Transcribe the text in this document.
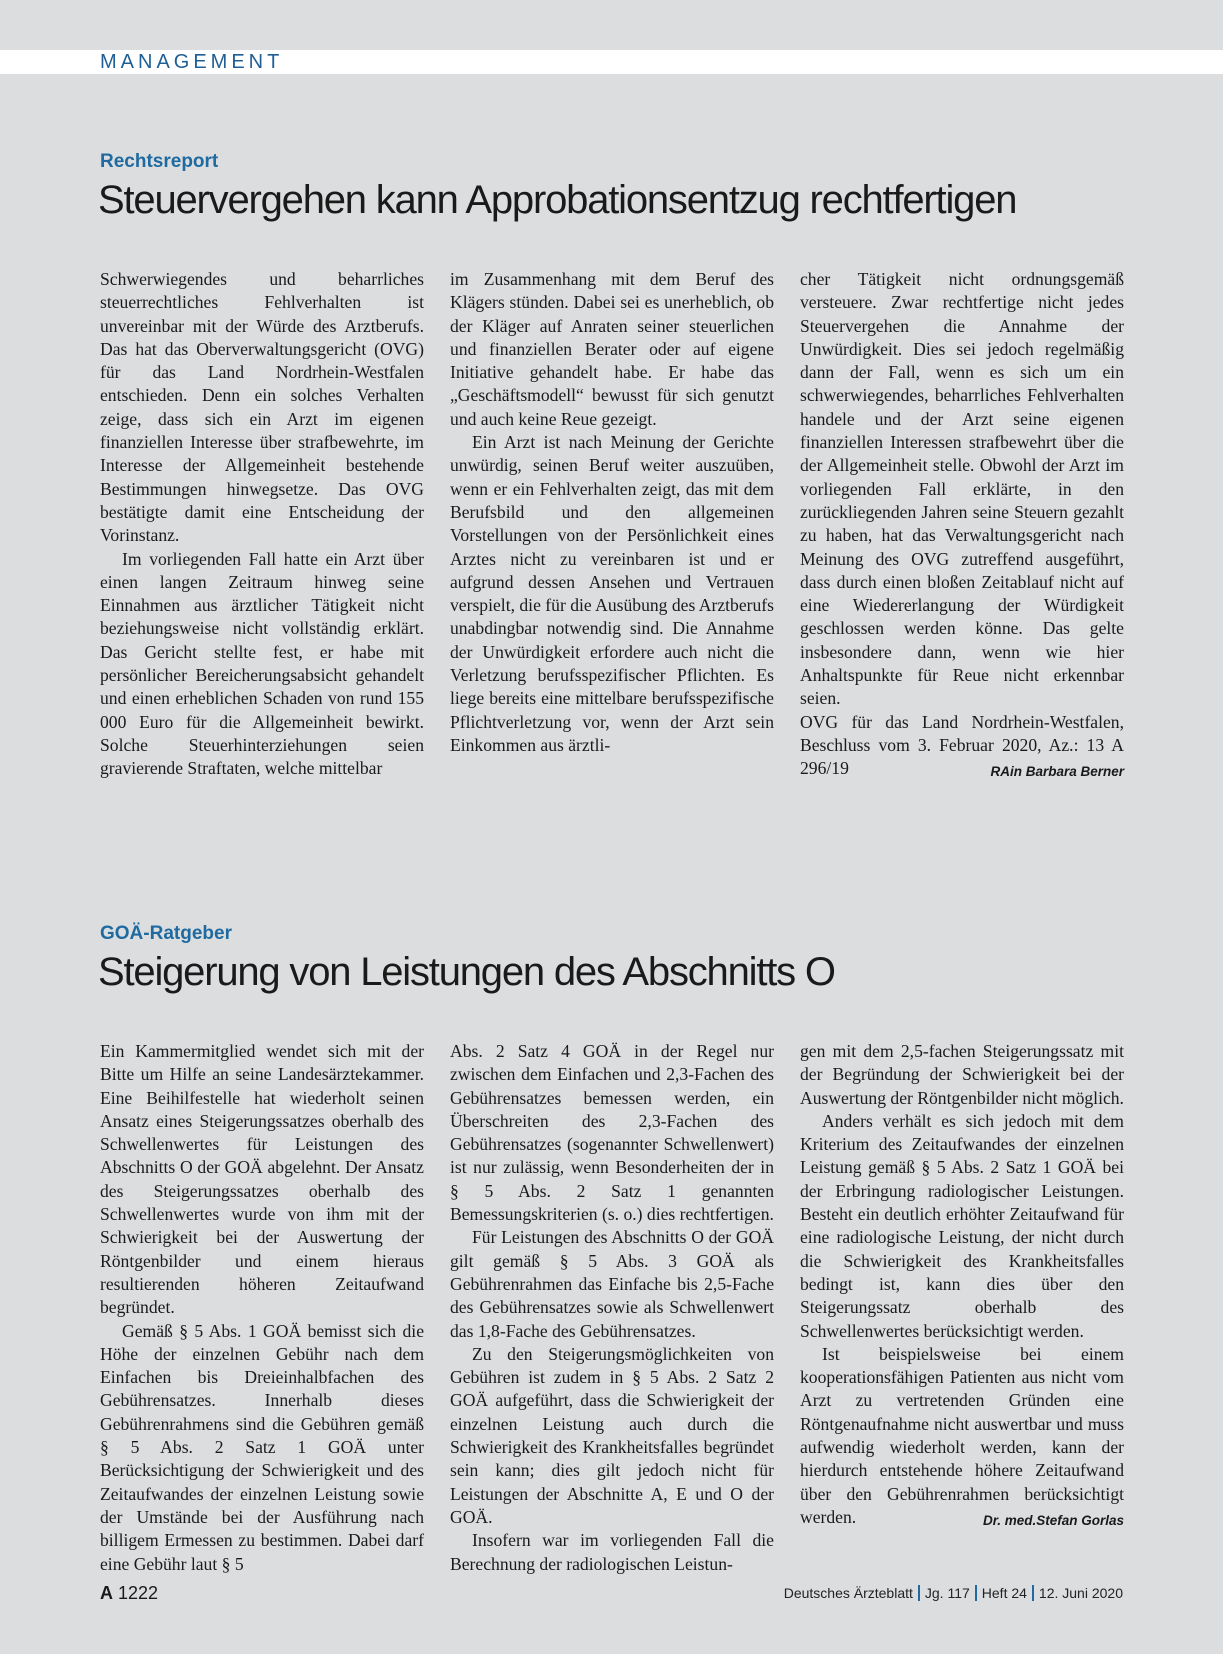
MANAGEMENT
Rechtsreport
Steuervergehen kann Approbationsentzug rechtfertigen

Schwerwiegendes und beharrliches steuerrechtliches Fehlverhalten ist unvereinbar mit der Würde des Arztberufs. Das hat das Oberverwaltungsgericht (OVG) für das Land Nordrhein-Westfalen entschieden. Denn ein solches Verhalten zeige, dass sich ein Arzt im eigenen finanziellen Interesse über strafbewehrte, im Interesse der Allgemeinheit bestehende Bestimmungen hinwegsetze. Das OVG bestätigte damit eine Entscheidung der Vorinstanz.

Im vorliegenden Fall hatte ein Arzt über einen langen Zeitraum hinweg seine Einnahmen aus ärztlicher Tätigkeit nicht beziehungsweise nicht vollständig erklärt. Das Gericht stellte fest, er habe mit persönlicher Bereicherungsabsicht gehandelt und einen erheblichen Schaden von rund 155 000 Euro für die Allgemeinheit bewirkt. Solche Steuerhinterziehungen seien gravierende Straftaten, welche mittelbar

im Zusammenhang mit dem Beruf des Klägers stünden. Dabei sei es unerheblich, ob der Kläger auf Anraten seiner steuerlichen und finanziellen Berater oder auf eigene Initiative gehandelt habe. Er habe das „Geschäftsmodell“ bewusst für sich genutzt und auch keine Reue gezeigt.

Ein Arzt ist nach Meinung der Gerichte unwürdig, seinen Beruf weiter auszuüben, wenn er ein Fehlverhalten zeigt, das mit dem Berufsbild und den allgemeinen Vorstellungen von der Persönlichkeit eines Arztes nicht zu vereinbaren ist und er aufgrund dessen Ansehen und Vertrauen verspielt, die für die Ausübung des Arztberufs unabdingbar notwendig sind. Die Annahme der Unwürdigkeit erfordere auch nicht die Verletzung berufsspezifischer Pflichten. Es liege bereits eine mittelbare berufsspezifische Pflichtverletzung vor, wenn der Arzt sein Einkommen aus ärztli-

cher Tätigkeit nicht ordnungsgemäß versteuere. Zwar rechtfertige nicht jedes Steuervergehen die Annahme der Unwürdigkeit. Dies sei jedoch regelmäßig dann der Fall, wenn es sich um ein schwerwiegendes, beharrliches Fehlverhalten handele und der Arzt seine eigenen finanziellen Interessen strafbewehrt über die der Allgemeinheit stelle. Obwohl der Arzt im vorliegenden Fall erklärte, in den zurückliegenden Jahren seine Steuern gezahlt zu haben, hat das Verwaltungsgericht nach Meinung des OVG zutreffend ausgeführt, dass durch einen bloßen Zeitablauf nicht auf eine Wiedererlangung der Würdigkeit geschlossen werden könne. Das gelte insbesondere dann, wenn wie hier Anhaltspunkte für Reue nicht erkennbar seien.

OVG für das Land Nordrhein-Westfalen, Beschluss vom 3. Februar 2020, Az.: 13 A 296/19	RAin Barbara Berner

GOÄ-Ratgeber
Steigerung von Leistungen des Abschnitts O

Ein Kammermitglied wendet sich mit der Bitte um Hilfe an seine Landesärztekammer. Eine Beihilfestelle hat wiederholt seinen Ansatz eines Steigerungssatzes oberhalb des Schwellenwertes für Leistungen des Abschnitts O der GOÄ abgelehnt. Der Ansatz des Steigerungssatzes oberhalb des Schwellenwertes wurde von ihm mit der Schwierigkeit bei der Auswertung der Röntgenbilder und einem hieraus resultierenden höheren Zeitaufwand begründet.

Gemäß § 5 Abs. 1 GOÄ bemisst sich die Höhe der einzelnen Gebühr nach dem Einfachen bis Dreieinhalbfachen des Gebührensatzes. Innerhalb dieses Gebührenrahmens sind die Gebühren gemäß § 5 Abs. 2 Satz 1 GOÄ unter Berücksichtigung der Schwierigkeit und des Zeitaufwandes der einzelnen Leistung sowie der Umstände bei der Ausführung nach billigem Ermessen zu bestimmen. Dabei darf eine Gebühr laut § 5

Abs. 2 Satz 4 GOÄ in der Regel nur zwischen dem Einfachen und 2,3-Fachen des Gebührensatzes bemessen werden, ein Überschreiten des 2,3-Fachen des Gebührensatzes (sogenannter Schwellenwert) ist nur zulässig, wenn Besonderheiten der in § 5 Abs. 2 Satz 1 genannten Bemessungskriterien (s. o.) dies rechtfertigen.

Für Leistungen des Abschnitts O der GOÄ gilt gemäß § 5 Abs. 3 GOÄ als Gebührenrahmen das Einfache bis 2,5-Fache des Gebührensatzes sowie als Schwellenwert das 1,8-Fache des Gebührensatzes.

Zu den Steigerungsmöglichkeiten von Gebühren ist zudem in § 5 Abs. 2 Satz 2 GOÄ aufgeführt, dass die Schwierigkeit der einzelnen Leistung auch durch die Schwierigkeit des Krankheitsfalles begründet sein kann; dies gilt jedoch nicht für Leistungen der Abschnitte A, E und O der GOÄ.

Insofern war im vorliegenden Fall die Berechnung der radiologischen Leistun-

gen mit dem 2,5-fachen Steigerungssatz mit der Begründung der Schwierigkeit bei der Auswertung der Röntgenbilder nicht möglich.

Anders verhält es sich jedoch mit dem Kriterium des Zeitaufwandes der einzelnen Leistung gemäß § 5 Abs. 2 Satz 1 GOÄ bei der Erbringung radiologischer Leistungen. Besteht ein deutlich erhöhter Zeitaufwand für eine radiologische Leistung, der nicht durch die Schwierigkeit des Krankheitsfalles bedingt ist, kann dies über den Steigerungssatz oberhalb des Schwellenwertes berücksichtigt werden.

Ist beispielsweise bei einem kooperationsfähigen Patienten aus nicht vom Arzt zu vertretenden Gründen eine Röntgenaufnahme nicht auswertbar und muss aufwendig wiederholt werden, kann der hierdurch entstehende höhere Zeitaufwand über den Gebührenrahmen berücksichtigt werden.	Dr. med.Stefan Gorlas

A 1222	Deutsches Ärzteblatt Jg. 117 Heft 24 12. Juni 2020
